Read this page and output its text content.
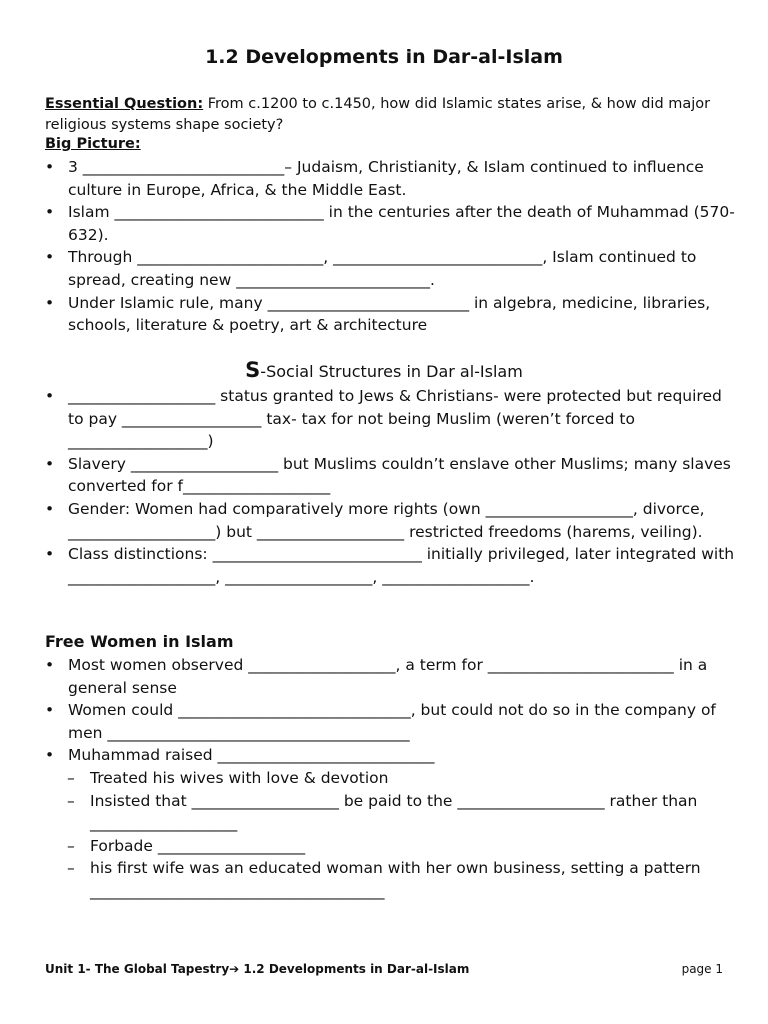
1.2 Developments in Dar-al-Islam
Essential Question: From c.1200 to c.1450, how did Islamic states arise, & how did major religious systems shape society?
Big Picture:
• 3 __________________________– Judaism, Christianity, & Islam continued to influence culture in Europe, Africa, & the Middle East.
• Islam ___________________________ in the centuries after the death of Muhammad (570-632).
• Through ________________________, ___________________________, Islam continued to spread, creating new _________________________.
• Under Islamic rule, many __________________________ in algebra, medicine, libraries, schools, literature & poetry, art & architecture
S-Social Structures in Dar al-Islam
• ___________________ status granted to Jews & Christians- were protected but required to pay __________________ tax- tax for not being Muslim (weren’t forced to __________________)
• Slavery ___________________ but Muslims couldn’t enslave other Muslims; many slaves converted for f___________________
• Gender: Women had comparatively more rights (own ___________________, divorce, ___________________) but ___________________ restricted freedoms (harems, veiling).
• Class distinctions: ___________________________ initially privileged, later integrated with ___________________, ___________________, ___________________.
Free Women in Islam
• Most women observed ___________________, a term for ________________________ in a general sense
• Women could ______________________________, but could not do so in the company of men _______________________________________
• Muhammad raised ____________________________
– Treated his wives with love & devotion
– Insisted that ___________________ be paid to the ___________________ rather than ___________________
– Forbade ___________________
– his first wife was an educated woman with her own business, setting a pattern ______________________________________
Unit 1- The Global Tapestry➔ 1.2 Developments in Dar-al-Islam	page 1
